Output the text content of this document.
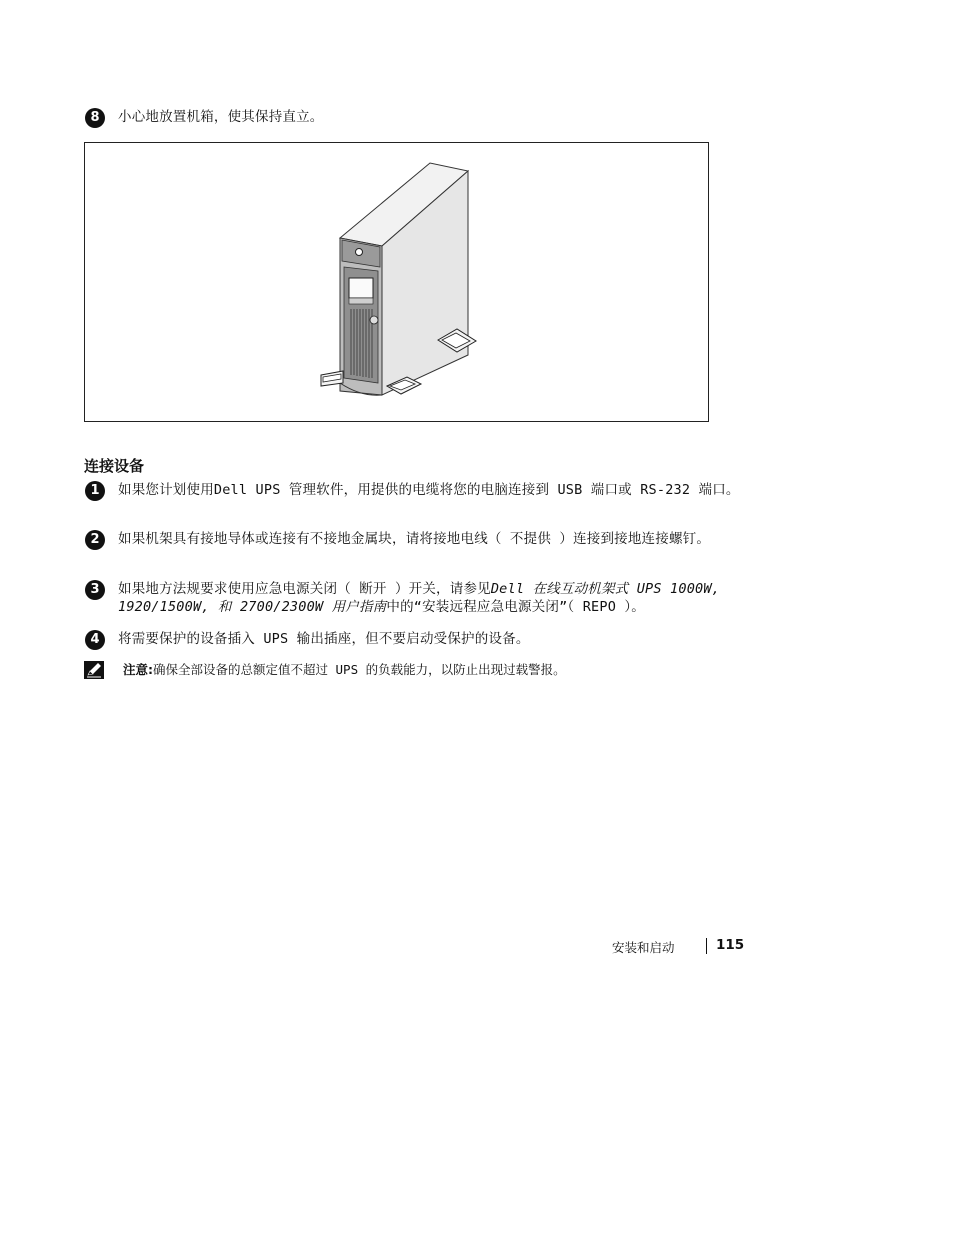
8	小心地放置机箱，使其保持直立。
连接设备
1	如果您计划使用Dell UPS 管理软件，用提供的电缆将您的电脑连接到 USB 端口或 RS-232 端口。
2	如果机架具有接地导体或连接有不接地金属块，请将接地电线（ 不提供 ）连接到接地连接螺钉。
3	如果地方法规要求使用应急电源关闭（ 断开 ）开关，请参见Dell 在线互动机架式 UPS 1000W, 1920/1500W, 和 2700/2300W 用户指南中的“安装远程应急电源关闭”（ REPO ）。
4	将需要保护的设备插入 UPS 输出插座，但不要启动受保护的设备。
注意:确保全部设备的总额定值不超过 UPS 的负载能力，以防止出现过载警报。
安装和启动	115
